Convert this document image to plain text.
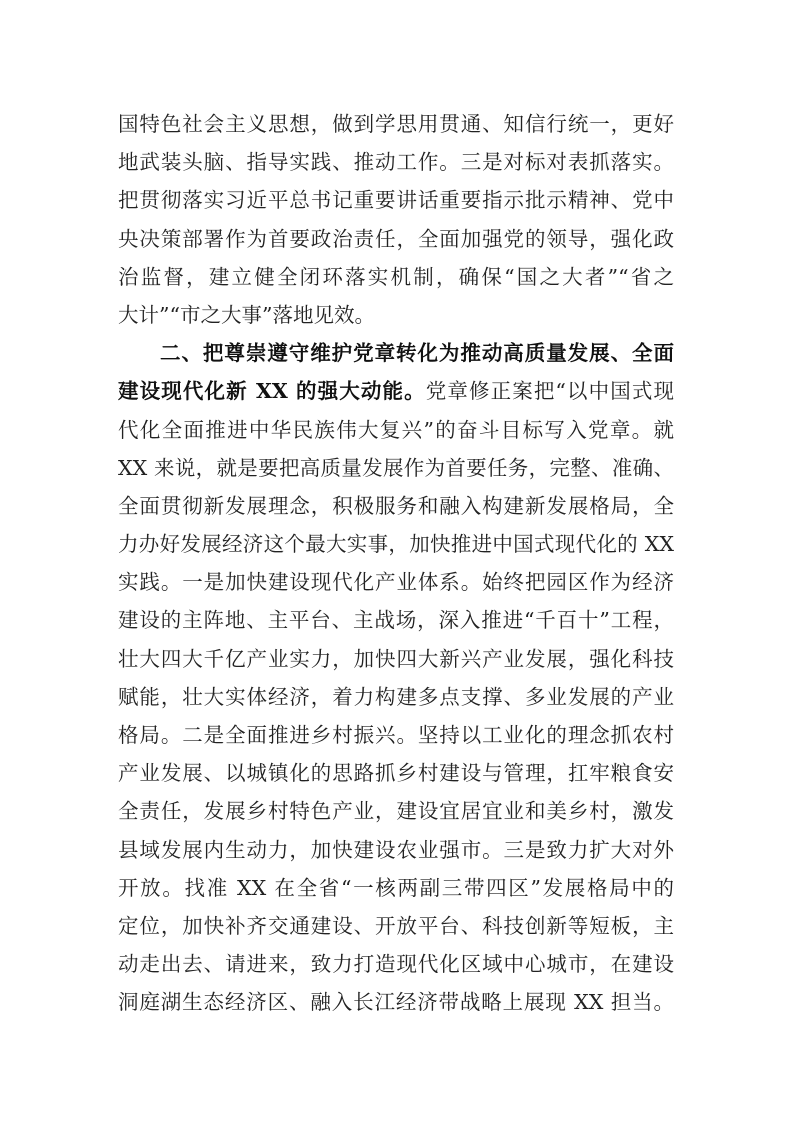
国特色社会主义思想，做到学思用贯通、知信行统一，更好
地武装头脑、指导实践、推动工作。三是对标对表抓落实。
把贯彻落实习近平总书记重要讲话重要指示批示精神、党中
央决策部署作为首要政治责任，全面加强党的领导，强化政
治监督，建立健全闭环落实机制，确保“国之大者”“省之
大计”“市之大事”落地见效。
二、把尊崇遵守维护党章转化为推动高质量发展、全面
建设现代化新 XX 的强大动能。党章修正案把“以中国式现
代化全面推进中华民族伟大复兴”的奋斗目标写入党章。就
XX 来说，就是要把高质量发展作为首要任务，完整、准确、
全面贯彻新发展理念，积极服务和融入构建新发展格局，全
力办好发展经济这个最大实事，加快推进中国式现代化的 XX
实践。一是加快建设现代化产业体系。始终把园区作为经济
建设的主阵地、主平台、主战场，深入推进“千百十”工程，
壮大四大千亿产业实力，加快四大新兴产业发展，强化科技
赋能，壮大实体经济，着力构建多点支撑、多业发展的产业
格局。二是全面推进乡村振兴。坚持以工业化的理念抓农村
产业发展、以城镇化的思路抓乡村建设与管理，扛牢粮食安
全责任，发展乡村特色产业，建设宜居宜业和美乡村，激发
县域发展内生动力，加快建设农业强市。三是致力扩大对外
开放。找准 XX 在全省“一核两副三带四区”发展格局中的
定位，加快补齐交通建设、开放平台、科技创新等短板，主
动走出去、请进来，致力打造现代化区域中心城市，在建设
洞庭湖生态经济区、融入长江经济带战略上展现 XX 担当。
